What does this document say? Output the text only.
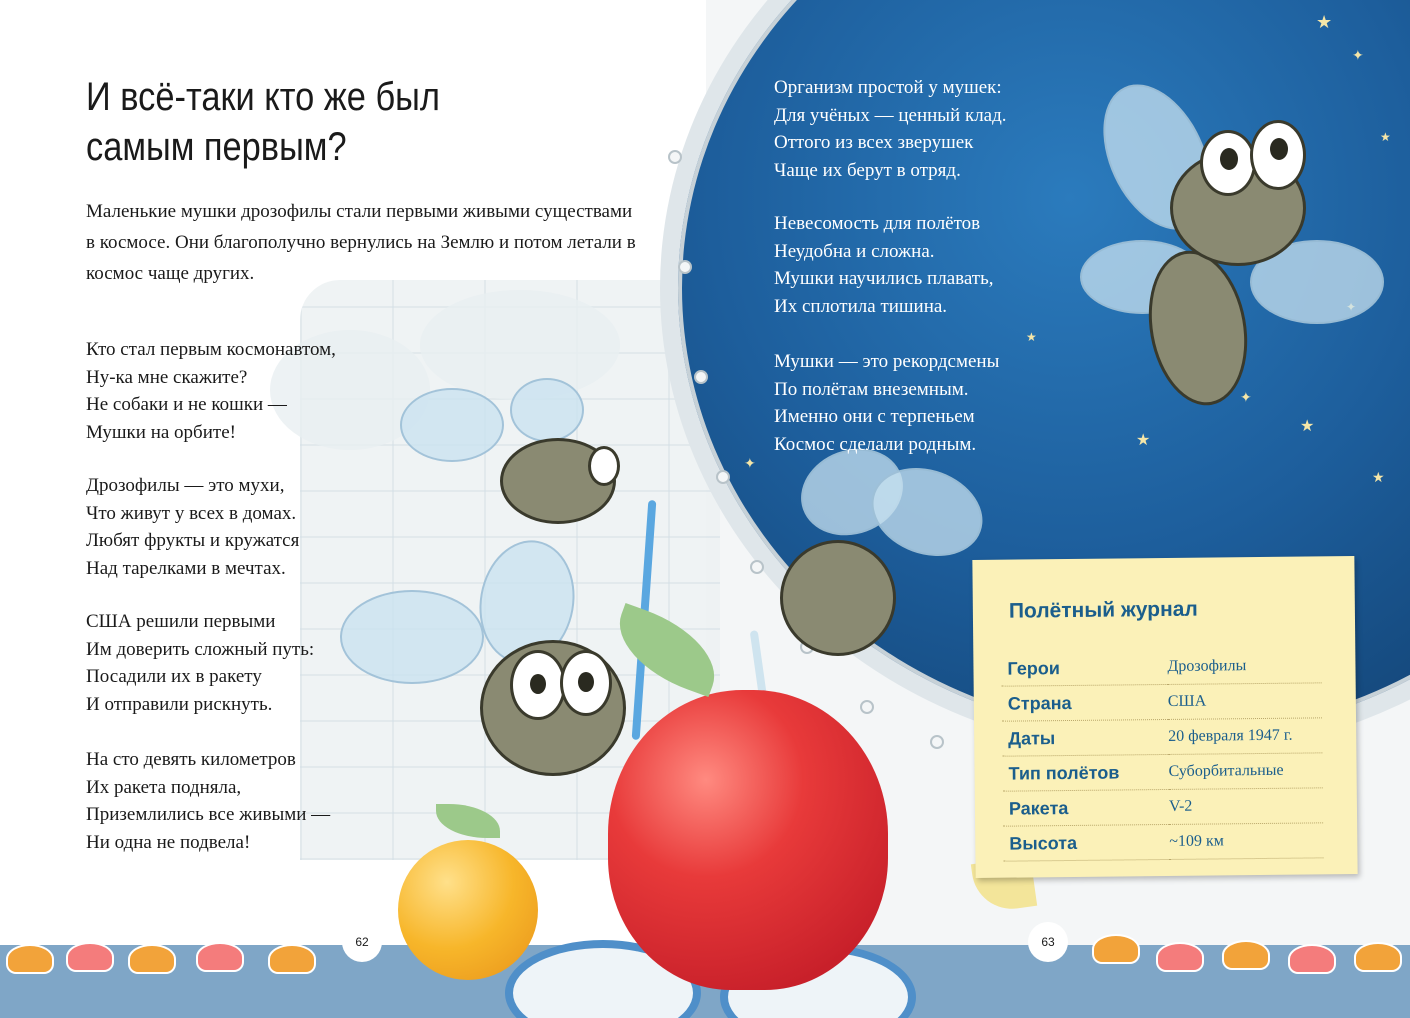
★
✦
★
✦
★
★
★
✦
★
И всё-таки кто же был
самым первым?

Маленькие мушки дрозофилы стали первыми живыми существами в космосе. Они благополучно вернулись на Землю и потом летали в космос чаще других.

Кто стал первым космонавтом,
Ну-ка мне скажите?
Не собаки и не кошки —
Мушки на орбите!
Дрозофилы — это мухи,
Что живут у всех в домах.
Любят фрукты и кружатся
Над тарелками в мечтах.
США решили первыми
Им доверить сложный путь:
Посадили их в ракету
И отправили рискнуть.
На сто девять километров
Их ракета подняла,
Приземлились все живыми —
Ни одна не подвела!
Организм простой у мушек:
Для учёных — ценный клад.
Оттого из всех зверушек
Чаще их берут в отряд.
Невесомость для полётов
Неудобна и сложна.
Мушки научились плавать,
Их сплотила тишина.
Мушки — это рекордсмены
По полётам внеземным.
Именно они с терпеньем
Космос сделали родным.
Полётный журнал
Герои	Дрозофилы
Страна	США
Даты	20 февраля 1947 г.
Тип полётов	Суборбитальные
Ракета	V-2
Высота	~109 км
62	63
